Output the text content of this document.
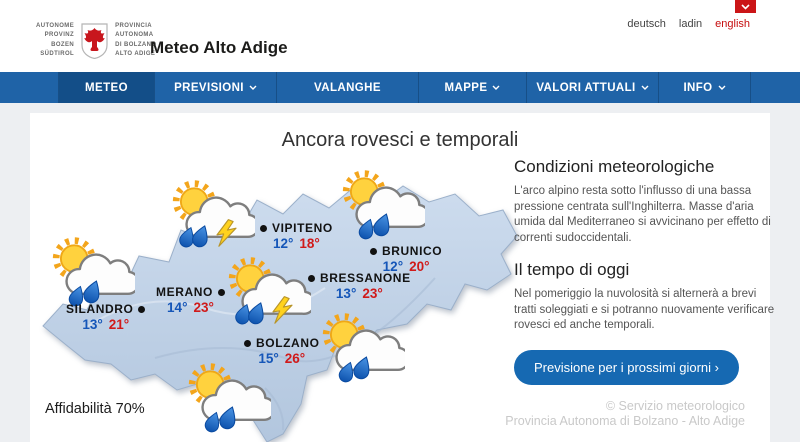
AUTONOME
PROVINZ
BOZEN
SÜDTIROL
PROVINCIA
AUTONOMA
DI BOLZANO
ALTO ADIGE
Meteo Alto Adige
deutsch ladin english
METEO	PREVISIONI	VALANGHE	MAPPE	VALORI ATTUALI	INFO
Ancora rovesci e temporali
VIPITENO
12° 18°	BRUNICO
12° 20°
BRESSANONE
13° 23°
MERANO
14° 23°
SILANDRO
13° 21°
BOLZANO
15° 26°
Affidabilità 70%	© Servizio meteorologico
Provincia Autonoma di Bolzano - Alto Adige
Condizioni meteorologiche

L'arco alpino resta sotto l'influsso di una bassa pressione centrata sull'Inghilterra. Masse d'aria umida dal Mediterraneo si avvicinano per effetto di correnti sudoccidentali.

Il tempo di oggi

Nel pomeriggio la nuvolosità si alternerà a brevi tratti soleggiati e si potranno nuovamente verificare rovesci ed anche temporali.

Previsione per i prossimi giorni ›
